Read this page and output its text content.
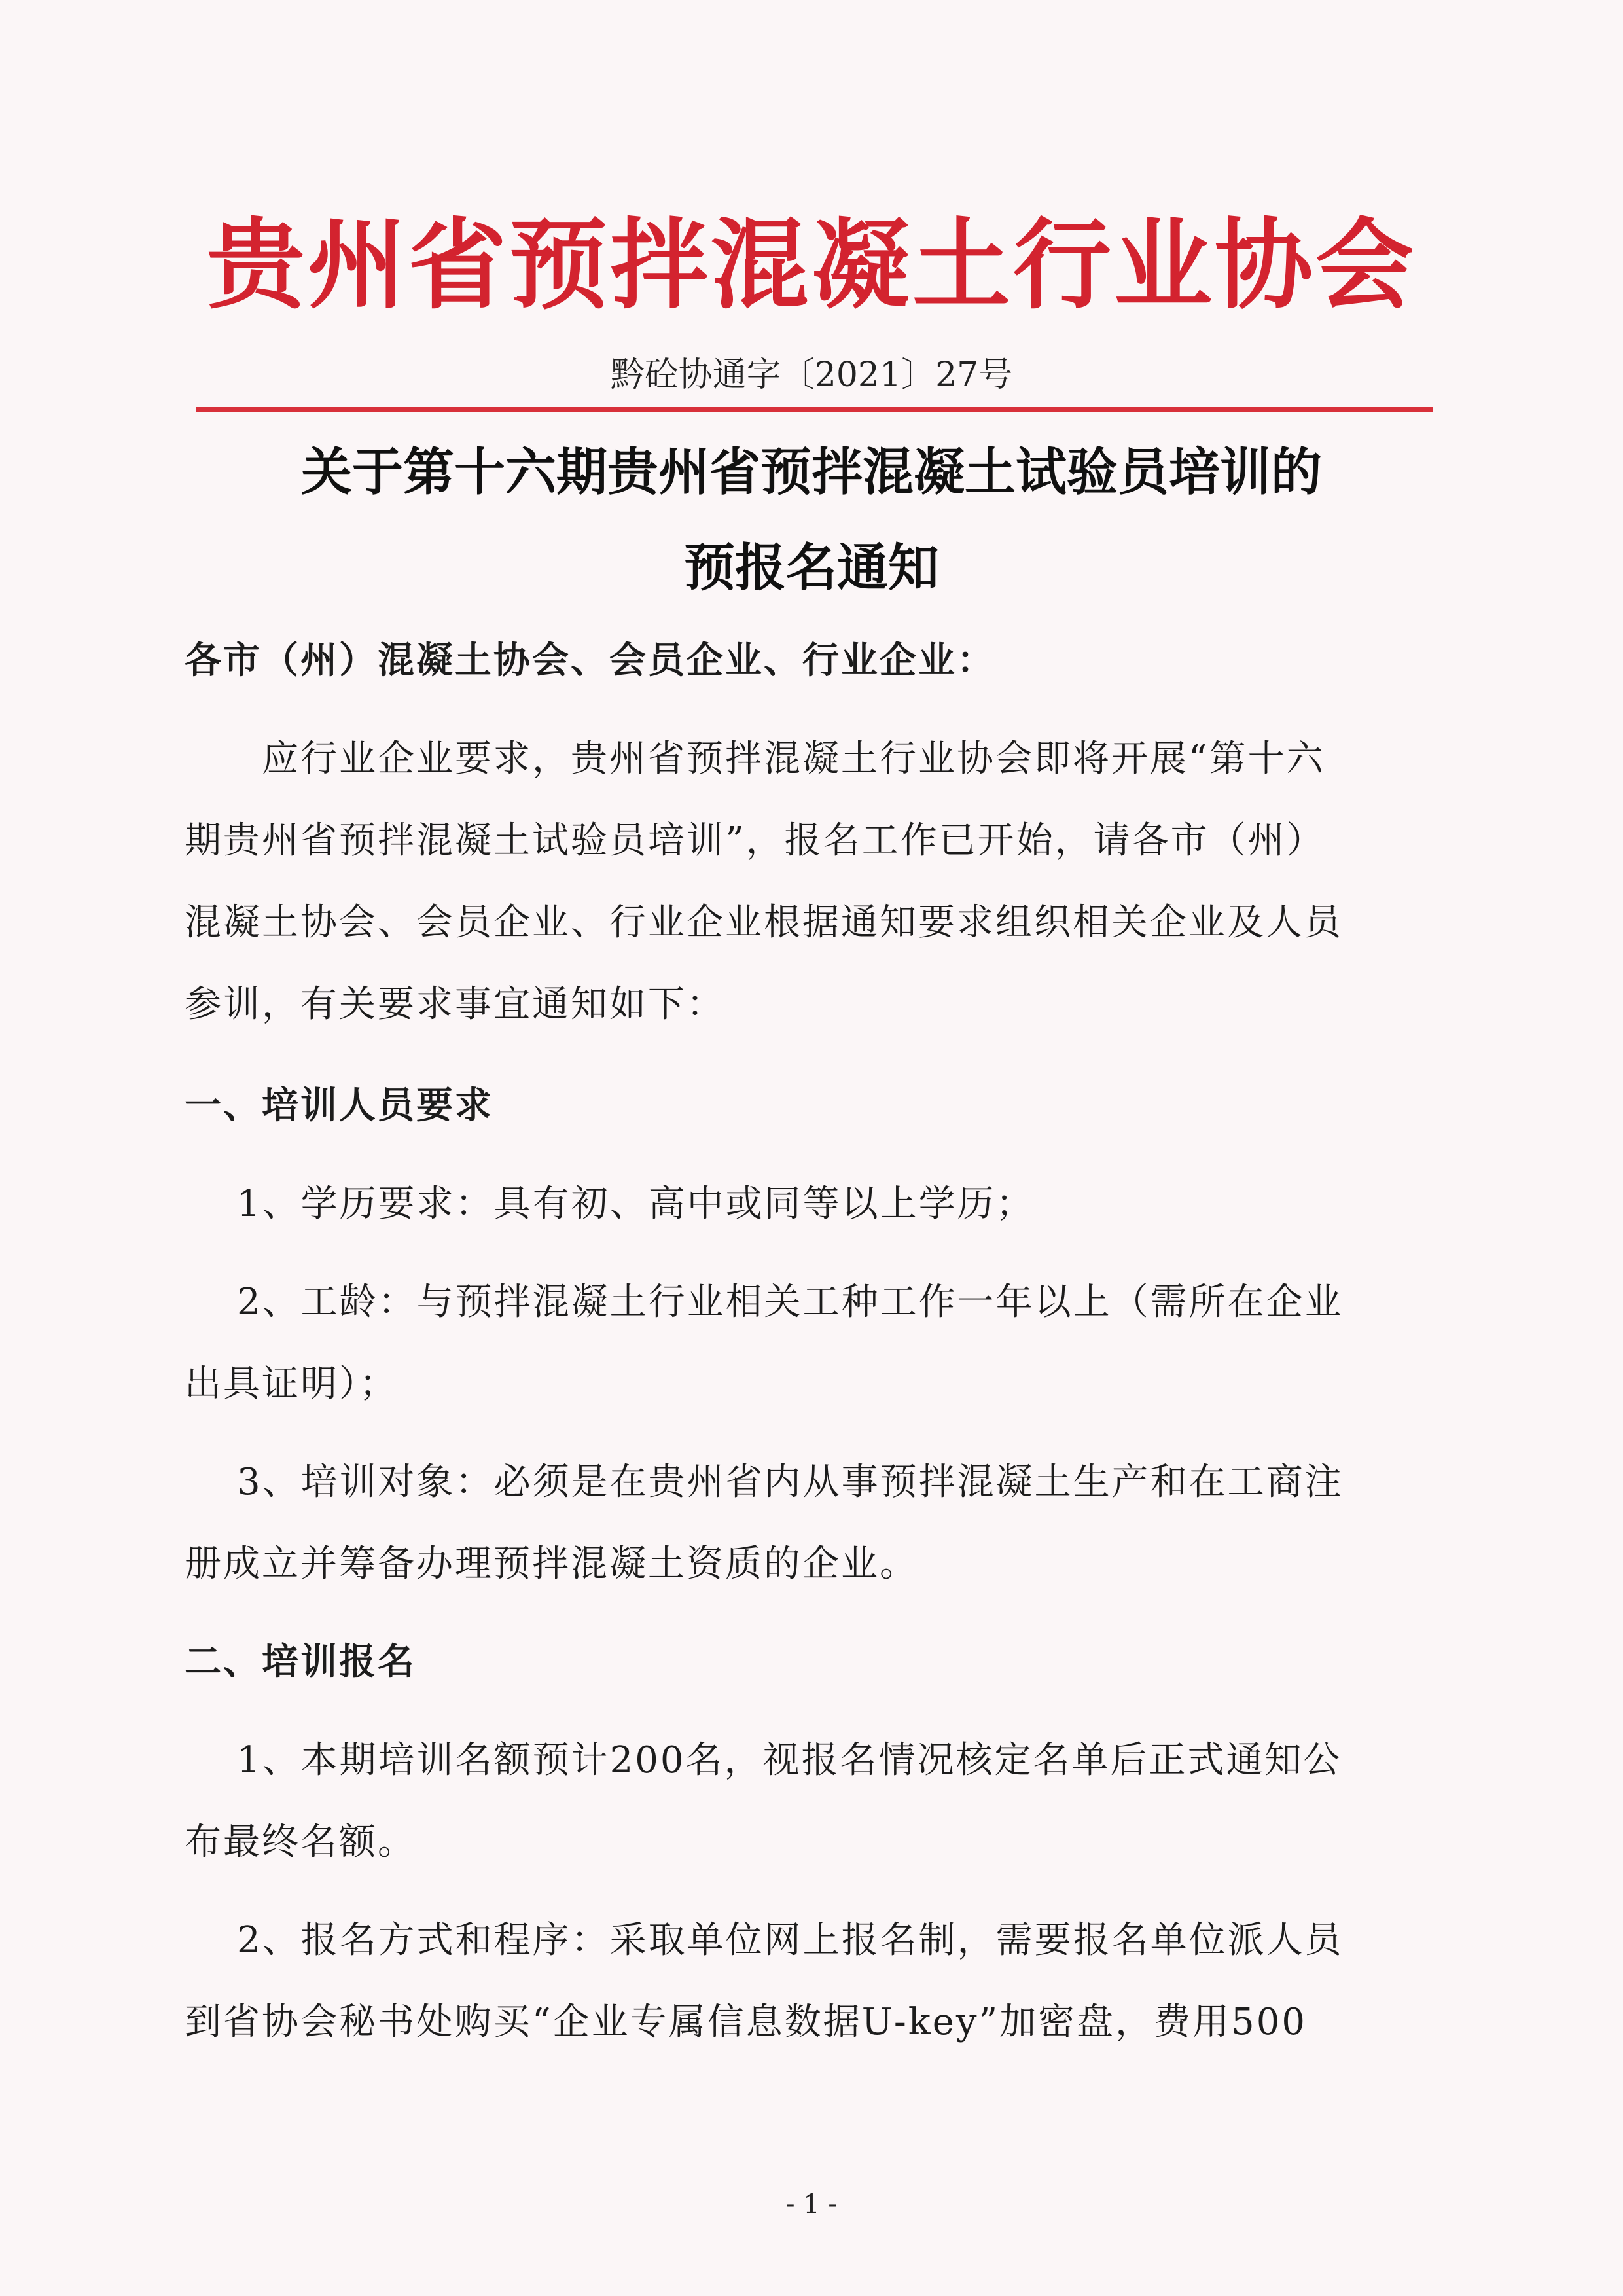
贵州省预拌混凝土行业协会
黔砼协通字〔2021〕27号
关于第十六期贵州省预拌混凝土试验员培训的
预报名通知
各市（州）混凝土协会、会员企业、行业企业：
应行业企业要求，贵州省预拌混凝土行业协会即将开展“第十六
期贵州省预拌混凝土试验员培训”，报名工作已开始，请各市（州）
混凝土协会、会员企业、行业企业根据通知要求组织相关企业及人员
参训，有关要求事宜通知如下：
一、培训人员要求
1、学历要求：具有初、高中或同等以上学历；
2、工龄：与预拌混凝土行业相关工种工作一年以上（需所在企业
出具证明）；
3、培训对象：必须是在贵州省内从事预拌混凝土生产和在工商注
册成立并筹备办理预拌混凝土资质的企业。
二、培训报名
1、本期培训名额预计200名，视报名情况核定名单后正式通知公
布最终名额。
2、报名方式和程序：采取单位网上报名制，需要报名单位派人员
到省协会秘书处购买“企业专属信息数据U-key”加密盘，费用500
- 1 -
